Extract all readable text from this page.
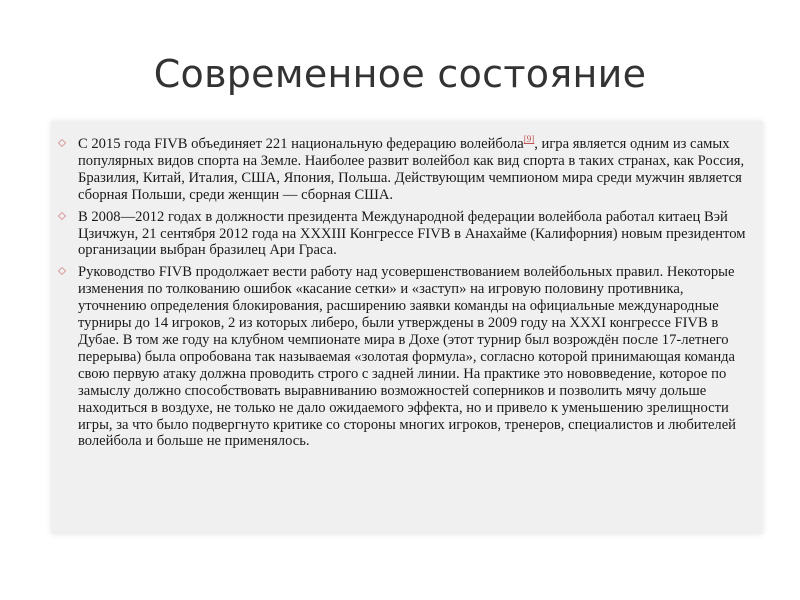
Современное состояние
С 2015 года FIVB объединяет 221 национальную федерацию волейбола[9], игра является одним из самых популярных видов спорта на Земле. Наиболее развит волейбол как вид спорта в таких странах, как Россия, Бразилия, Китай, Италия, США, Япония, Польша. Действующим чемпионом мира среди мужчин является сборная Польши, среди женщин — сборная США.
В 2008—2012 годах в должности президента Международной федерации волейбола работал китаец Вэй Цзичжун, 21 сентября 2012 года на XXXIII Конгрессе FIVB в Анахайме (Калифорния) новым президентом организации выбран бразилец Ари Граса.
Руководство FIVB продолжает вести работу над усовершенствованием волейбольных правил. Некоторые изменения по толкованию ошибок «касание сетки» и «заступ» на игровую половину противника, уточнению определения блокирования, расширению заявки команды на официальные международные турниры до 14 игроков, 2 из которых либеро, были утверждены в 2009 году на XXXI конгрессе FIVB в Дубае. В том же году на клубном чемпионате мира в Дохе (этот турнир был возрождён после 17-летнего перерыва) была опробована так называемая «золотая формула», согласно которой принимающая команда свою первую атаку должна проводить строго с задней линии. На практике это нововведение, которое по замыслу должно способствовать выравниванию возможностей соперников и позволить мячу дольше находиться в воздухе, не только не дало ожидаемого эффекта, но и привело к уменьшению зрелищности игры, за что было подвергнуто критике со стороны многих игроков, тренеров, специалистов и любителей волейбола и больше не применялось.
